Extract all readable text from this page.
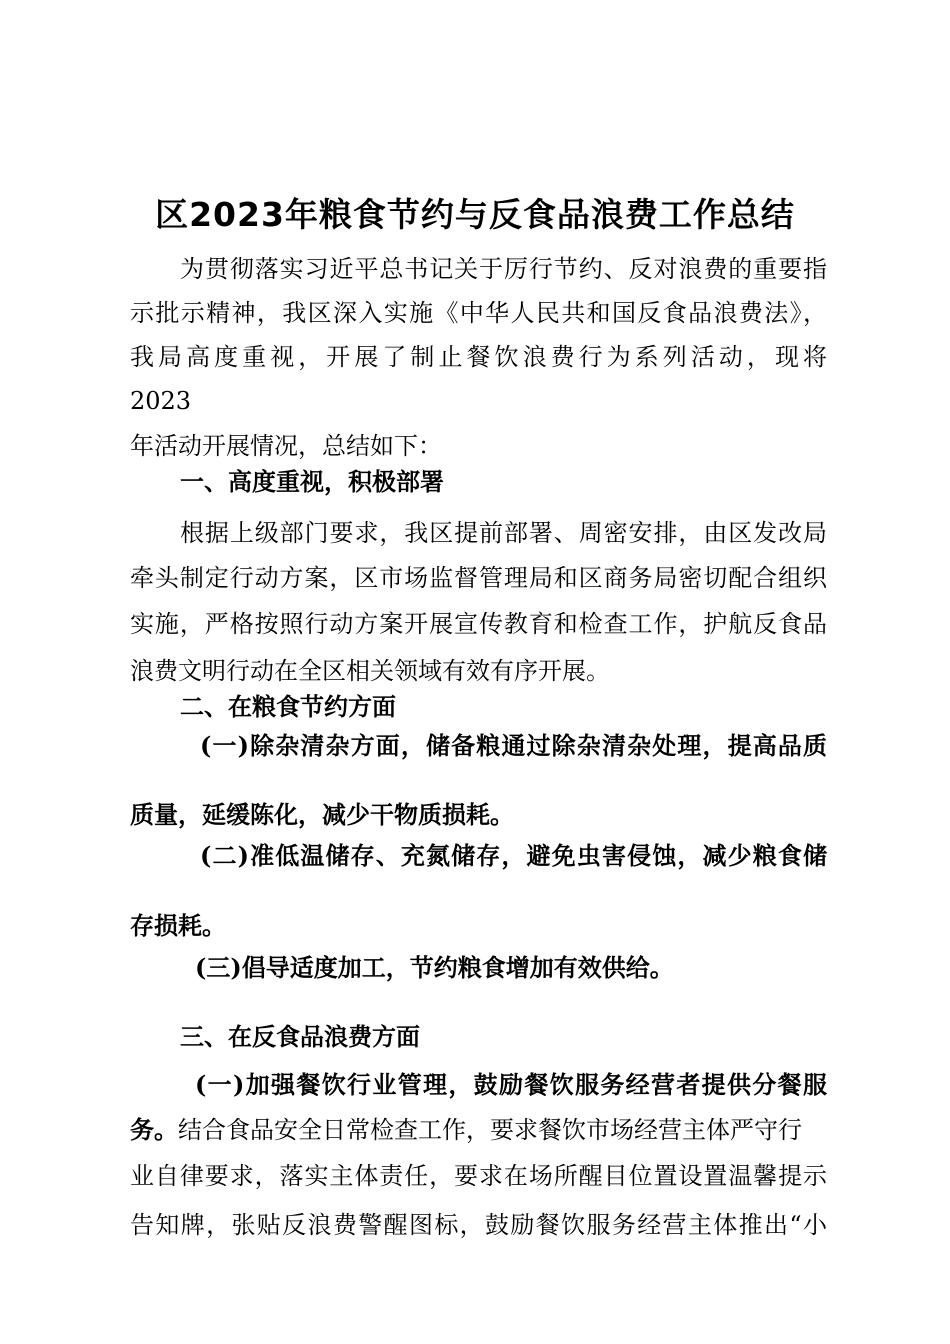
区2023年粮食节约与反食品浪费工作总结
为贯彻落实习近平总书记关于厉行节约、反对浪费的重要指
示批示精神，我区深入实施《中华人民共和国反食品浪费法》，
我局高度重视，开展了制止餐饮浪费行为系列活动，现将
2023
年活动开展情况，总结如下：
一、高度重视，积极部署
根据上级部门要求，我区提前部署、周密安排，由区发改局
牵头制定行动方案，区市场监督管理局和区商务局密切配合组织
实施，严格按照行动方案开展宣传教育和检查工作，护航反食品
浪费文明行动在全区相关领域有效有序开展。
二、在粮食节约方面
(一)除杂清杂方面，储备粮通过除杂清杂处理，提高品质
质量，延缓陈化，减少干物质损耗。
(二)准低温储存、充氮储存，避免虫害侵蚀，减少粮食储
存损耗。
(三)倡导适度加工，节约粮食增加有效供给。
三、在反食品浪费方面
(一)加强餐饮行业管理，鼓励餐饮服务经营者提供分餐服
务。结合食品安全日常检查工作，要求餐饮市场经营主体严守行
业自律要求，落实主体责任，要求在场所醒目位置设置温馨提示
告知牌，张贴反浪费警醒图标，鼓励餐饮服务经营主体推出“小
